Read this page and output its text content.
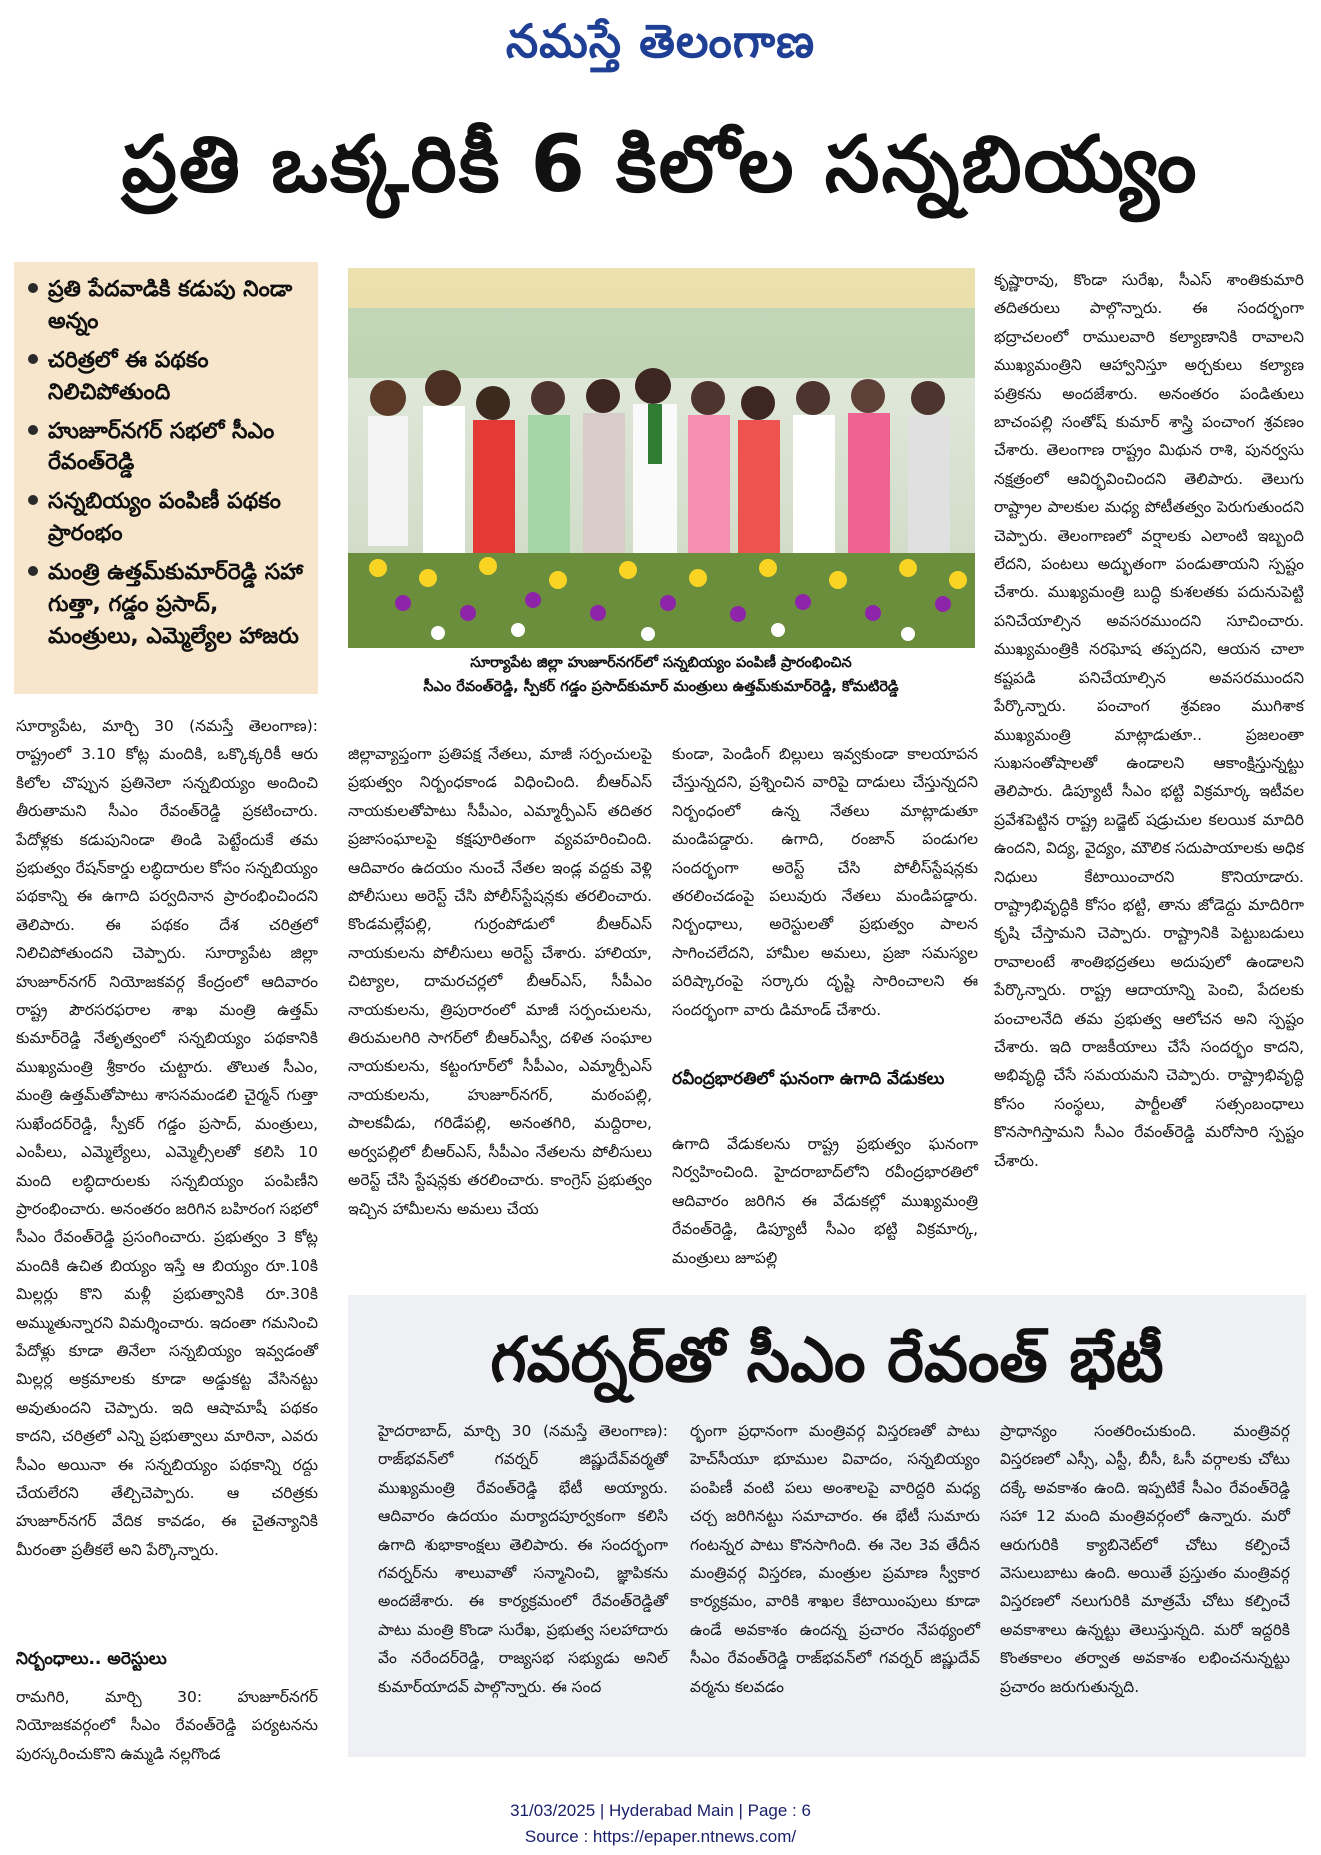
నమస్తే తెలంగాణ
ప్రతి ఒక్కరికీ 6 కిలోల సన్నబియ్యం
ప్రతి పేదవాడికి కడుపు నిండా అన్నం
చరిత్రలో ఈ పథకం నిలిచిపోతుంది
హుజూర్‌నగర్ సభలో సీఎం రేవంత్‌రెడ్డి
సన్నబియ్యం పంపిణీ పథకం ప్రారంభం
మంత్రి ఉత్తమ్‌కుమార్‌రెడ్డి సహా గుత్తా, గడ్డం ప్రసాద్, మంత్రులు, ఎమ్మెల్యేల హాజరు
సూర్యాపేట జిల్లా హుజూర్‌నగర్‌లో సన్నబియ్యం పంపిణీ ప్రారంభించిన
సీఎం రేవంత్‌రెడ్డి, స్పీకర్ గడ్డం ప్రసాద్‌కుమార్ మంత్రులు ఉత్తమ్‌కుమార్‌రెడ్డి, కోమటిరెడ్డి

సూర్యాపేట, మార్చి 30 (నమస్తే తెలంగాణ): రాష్ట్రంలో 3.10 కోట్ల మందికి, ఒక్కొక్కరికీ ఆరు కిలోల చొప్పున ప్రతినెలా సన్నబియ్యం అందించి తీరుతామని సీఎం రేవంత్‌రెడ్డి ప్రకటించారు. పేదోళ్లకు కడుపునిండా తిండి పెట్టేందుకే తమ ప్రభుత్వం రేషన్‌కార్డు లబ్ధిదారుల కోసం సన్నబియ్యం పథకాన్ని ఈ ఉగాది పర్వదినాన ప్రారంభించిందని తెలిపారు. ఈ పథకం దేశ చరిత్రలో నిలిచిపోతుందని చెప్పారు. సూర్యాపేట జిల్లా హుజూర్‌నగర్ నియోజకవర్గ కేంద్రంలో ఆదివారం రాష్ట్ర పౌరసరఫరాల శాఖ మంత్రి ఉత్తమ్ కుమార్‌రెడ్డి నేతృత్వంలో సన్నబియ్యం పథకానికి ముఖ్యమంత్రి శ్రీకారం చుట్టారు. తొలుత సీఎం, మంత్రి ఉత్తమ్‌తోపాటు శాసనమండలి చైర్మన్ గుత్తా సుఖేందర్‌రెడ్డి, స్పీకర్ గడ్డం ప్రసాద్, మంత్రులు, ఎంపీలు, ఎమ్మెల్యేలు, ఎమ్మెల్సీలతో కలిసి 10 మంది లబ్ధిదారులకు సన్నబియ్యం పంపిణీని ప్రారంభించారు. అనంతరం జరిగిన బహిరంగ సభలో సీఎం రేవంత్‌రెడ్డి ప్రసంగించారు. ప్రభుత్వం 3 కోట్ల మందికి ఉచిత బియ్యం ఇస్తే ఆ బియ్యం రూ.10కి మిల్లర్లు కొని మళ్లీ ప్రభుత్వానికి రూ.30కి అమ్ముతున్నారని విమర్శించారు. ఇదంతా గమనించి పేదోళ్లు కూడా తినేలా సన్నబియ్యం ఇవ్వడంతో మిల్లర్ల అక్రమాలకు కూడా అడ్డుకట్ట వేసినట్టు అవుతుందని చెప్పారు. ఇది ఆషామాషీ పథకం కాదని, చరిత్రలో ఎన్ని ప్రభుత్వాలు మారినా, ఎవరు సీఎం అయినా ఈ సన్నబియ్యం పథకాన్ని రద్దు చేయలేరని తేల్చిచెప్పారు. ఆ చరిత్రకు హుజూర్‌నగర్ వేదిక కావడం, ఈ చైతన్యానికి మీరంతా ప్రతీకలే అని పేర్కొన్నారు.

నిర్బంధాలు.. అరెస్టులు

రామగిరి, మార్చి 30: హుజూర్‌నగర్ నియోజకవర్గంలో సీఎం రేవంత్‌రెడ్డి పర్యటనను పురస్కరించుకొని ఉమ్మడి నల్లగొండ

జిల్లావ్యాప్తంగా ప్రతిపక్ష నేతలు, మాజీ సర్పంచులపై ప్రభుత్వం నిర్బంధకాండ విధించింది. బీఆర్‌ఎస్ నాయకులతోపాటు సీపీఎం, ఎమ్మార్పీఎస్ తదితర ప్రజాసంఘాలపై కక్షపూరితంగా వ్యవహరించింది. ఆదివారం ఉదయం నుంచే నేతల ఇండ్ల వద్దకు వెళ్లి పోలీసులు అరెస్ట్ చేసి పోలీస్‌స్టేషన్లకు తరలించారు. కొండమల్లేపల్లి, గుర్రంపోడులో బీఆర్‌ఎస్ నాయకులను పోలీసులు అరెస్ట్ చేశారు. హాలియా, చిట్యాల, దామరచర్లలో బీఆర్‌ఎస్, సీపీఎం నాయకులను, త్రిపురారంలో మాజీ సర్పంచులను, తిరుమలగిరి సాగర్‌లో బీఆర్‌ఎస్వీ, దళిత సంఘాల నాయకులను, కట్టంగూర్‌లో సీపీఎం, ఎమ్మార్పీఎస్ నాయకులను, హుజూర్‌నగర్, మఠంపల్లి, పాలకవీడు, గరిడేపల్లి, అనంతగిరి, మద్దిరాల, అర్వపల్లిలో బీఆర్‌ఎస్, సీపీఎం నేతలను పోలీసులు అరెస్ట్ చేసి స్టేషన్లకు తరలించారు. కాంగ్రెస్ ప్రభుత్వం ఇచ్చిన హామీలను అమలు చేయ

కుండా, పెండింగ్ బిల్లులు ఇవ్వకుండా కాలయాపన చేస్తున్నదని, ప్రశ్నించిన వారిపై దాడులు చేస్తున్నదని నిర్బంధంలో ఉన్న నేతలు మాట్లాడుతూ మండిపడ్డారు. ఉగాది, రంజాన్ పండుగల సందర్భంగా అరెస్ట్ చేసి పోలీస్‌స్టేషన్లకు తరలించడంపై పలువురు నేతలు మండిపడ్డారు. నిర్బంధాలు, అరెస్టులతో ప్రభుత్వం పాలన సాగించలేదని, హామీల అమలు, ప్రజా సమస్యల పరిష్కారంపై సర్కారు దృష్టి సారించాలని ఈ సందర్భంగా వారు డిమాండ్ చేశారు.

రవీంద్రభారతిలో ఘనంగా ఉగాది వేడుకలు

ఉగాది వేడుకలను రాష్ట్ర ప్రభుత్వం ఘనంగా నిర్వహించింది. హైదరాబాద్‌లోని రవీంద్రభారతిలో ఆదివారం జరిగిన ఈ వేడుకల్లో ముఖ్యమంత్రి రేవంత్‌రెడ్డి, డిప్యూటీ సీఎం భట్టి విక్రమార్క, మంత్రులు జూపల్లి

కృష్ణారావు, కొండా సురేఖ, సీఎస్ శాంతికుమారి తదితరులు పాల్గొన్నారు. ఈ సందర్భంగా భద్రాచలంలో రాములవారి కల్యాణానికి రావాలని ముఖ్యమంత్రిని ఆహ్వానిస్తూ అర్చకులు కల్యాణ పత్రికను అందజేశారు. అనంతరం పండితులు బాచంపల్లి సంతోష్ కుమార్ శాస్త్రి పంచాంగ శ్రవణం చేశారు. తెలంగాణ రాష్ట్రం మిథున రాశి, పునర్వసు నక్షత్రంలో ఆవిర్భవించిందని తెలిపారు. తెలుగు రాష్ట్రాల పాలకుల మధ్య పోటీతత్వం పెరుగుతుందని చెప్పారు. తెలంగాణలో వర్షాలకు ఎలాంటి ఇబ్బంది లేదని, పంటలు అద్భుతంగా పండుతాయని స్పష్టం చేశారు. ముఖ్యమంత్రి బుద్ధి కుశలతకు పదునుపెట్టి పనిచేయాల్సిన అవసరముందని సూచించారు. ముఖ్యమంత్రికి నరఘోష తప్పదని, ఆయన చాలా కష్టపడి పనిచేయాల్సిన అవసరముందని పేర్కొన్నారు. పంచాంగ శ్రవణం ముగిశాక ముఖ్యమంత్రి మాట్లాడుతూ.. ప్రజలంతా సుఖసంతోషాలతో ఉండాలని ఆకాంక్షిస్తున్నట్టు తెలిపారు. డిప్యూటీ సీఎం భట్టి విక్రమార్క ఇటీవల ప్రవేశపెట్టిన రాష్ట్ర బడ్జెట్ షడ్రుచుల కలయిక మాదిరి ఉందని, విద్య, వైద్యం, మౌలిక సదుపాయాలకు అధిక నిధులు కేటాయించారని కొనియాడారు. రాష్ట్రాభివృద్ధికి కోసం భట్టి, తాను జోడెద్దు మాదిరిగా కృషి చేస్తామని చెప్పారు. రాష్ట్రానికి పెట్టుబడులు రావాలంటే శాంతిభద్రతలు అదుపులో ఉండాలని పేర్కొన్నారు. రాష్ట్ర ఆదాయాన్ని పెంచి, పేదలకు పంచాలనేది తమ ప్రభుత్వ ఆలోచన అని స్పష్టం చేశారు. ఇది రాజకీయాలు చేసే సందర్భం కాదని, అభివృద్ధి చేసే సమయమని చెప్పారు. రాష్ట్రాభివృద్ధి కోసం సంస్థలు, పార్టీలతో సత్సంబంధాలు కొనసాగిస్తామని సీఎం రేవంత్‌రెడ్డి మరోసారి స్పష్టం చేశారు.

గవర్నర్‌తో సీఎం రేవంత్ భేటీ

హైదరాబాద్, మార్చి 30 (నమస్తే తెలంగాణ): రాజ్‌భవన్‌లో గవర్నర్ జిష్ణుదేవ్‌వర్మతో ముఖ్యమంత్రి రేవంత్‌రెడ్డి భేటీ అయ్యారు. ఆదివారం ఉదయం మర్యాదపూర్వకంగా కలిసి ఉగాది శుభాకాంక్షలు తెలిపారు. ఈ సందర్భంగా గవర్నర్‌ను శాలువాతో సన్మానించి, జ్ఞాపికను అందజేశారు. ఈ కార్యక్రమంలో రేవంత్‌రెడ్డితో పాటు మంత్రి కొండా సురేఖ, ప్రభుత్వ సలహాదారు వేం నరేందర్‌రెడ్డి, రాజ్యసభ సభ్యుడు అనిల్ కుమార్‌యాదవ్ పాల్గొన్నారు. ఈ సంద

ర్భంగా ప్రధానంగా మంత్రివర్గ విస్తరణతో పాటు హెచ్‌సీయూ భూముల వివాదం, సన్నబియ్యం పంపిణీ వంటి పలు అంశాలపై వారిద్దరి మధ్య చర్చ జరిగినట్టు సమాచారం. ఈ భేటీ సుమారు గంటన్నర పాటు కొనసాగింది. ఈ నెల 3వ తేదీన మంత్రివర్గ విస్తరణ, మంత్రుల ప్రమాణ స్వీకార కార్యక్రమం, వారికి శాఖల కేటాయింపులు కూడా ఉండే అవకాశం ఉందన్న ప్రచారం నేపథ్యంలో సీఎం రేవంత్‌రెడ్డి రాజ్‌భవన్‌లో గవర్నర్ జిష్ణుదేవ్ వర్మను కలవడం

ప్రాధాన్యం సంతరించుకుంది. మంత్రివర్గ విస్తరణలో ఎస్సీ, ఎస్టీ, బీసీ, ఓసీ వర్గాలకు చోటు దక్కే అవకాశం ఉంది. ఇప్పటికే సీఎం రేవంత్‌రెడ్డి సహా 12 మంది మంత్రివర్గంలో ఉన్నారు. మరో ఆరుగురికి క్యాబినెట్‌లో చోటు కల్పించే వెసులుబాటు ఉంది. అయితే ప్రస్తుతం మంత్రివర్గ విస్తరణలో నలుగురికి మాత్రమే చోటు కల్పించే అవకాశాలు ఉన్నట్టు తెలుస్తున్నది. మరో ఇద్దరికి కొంతకాలం తర్వాత అవకాశం లభించనున్నట్టు ప్రచారం జరుగుతున్నది.

31/03/2025 | Hyderabad Main | Page : 6
Source : https://epaper.ntnews.com/
